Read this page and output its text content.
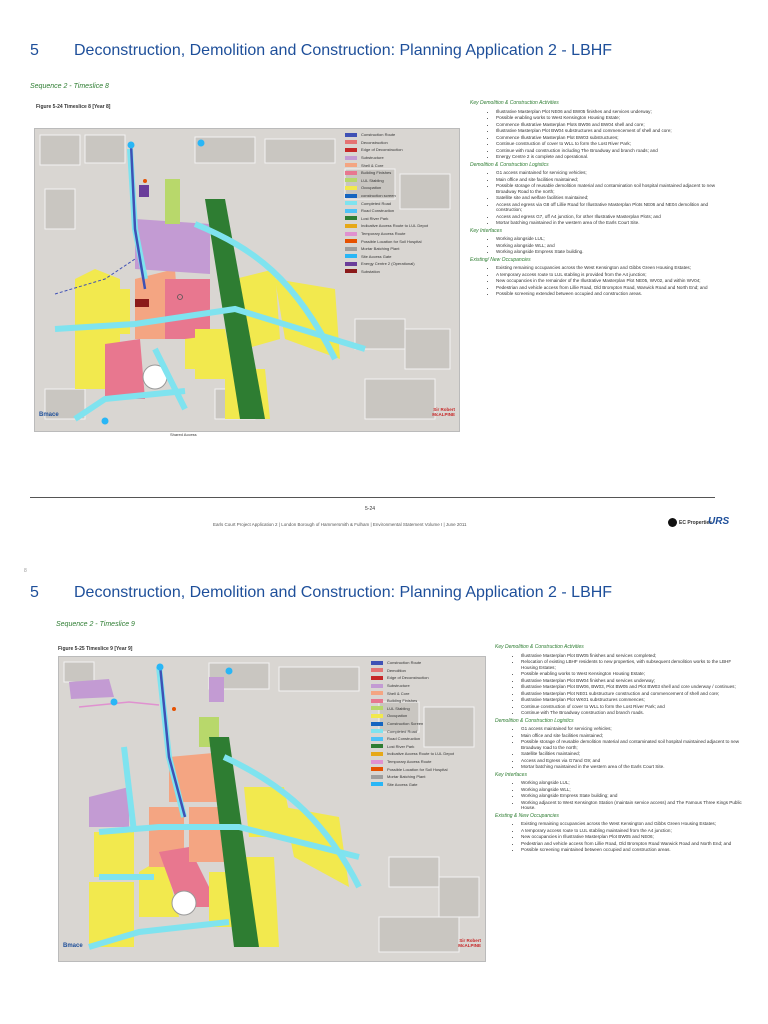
5 Deconstruction, Demolition and Construction: Planning Application 2 - LBHF
Sequence 2 - Timeslice 8
Figure 5-24 Timeslice 8 [Year 8]
Bmace
Sir Robert McALPINE
Construction Route
Deconstruction
Edge of Deconstruction
Substructure
Shell & Core
Building Finishes
LUL Stabling
Occupation
construction screen
Completed Road
Road Construction
Lost River Park
Indicative Access Route to LUL Depot
Temporary Access Route
Possible Location for Soil Hospital
Mortar Batching Plant
Site Access Gate
Energy Centre 2 (Operational)
Substation
Shared Access
Key Demolition & Construction Activities
• Illustrative Masterplan Plot NE06 and BW05 finishes and services underway;
• Possible enabling works to West Kensington Housing Estate;
• Commence Illustrative Masterplan Plots BW06 and BW04 shell and core;
• Illustrative Masterplan Plot BW04 substructures and commencement of shell and core;
• Commence Illustrative Masterplan Plot BW03 substructures;
• Continue construction of cover to WLL to form the Lost River Park;
• Continue with road construction including The Broadway and branch roads; and
• Energy Centre 2 is complete and operational.
Demolition & Construction Logistics
• G1 access maintained for servicing vehicles;
• Main office and site facilities maintained;
• Possible storage of reusable demolition material and contamination soil hospital maintained adjacent to new Broadway Road to the north;
• Satellite site and welfare facilities maintained;
• Access and egress via G8 off Lillie Road for Illustrative Masterplan Plots NE06 and NE04 demolition and construction;
• Access and egress G7, off A4 junction, for other Illustrative Masterplan Plots; and
• Mortar batching maintained in the western area of the Earls Court Site.
Key Interfaces
• Working alongside LUL;
• Working alongside WLL; and
• Working alongside Empress State building.
Existing/ New Occupancies
• Existing remaining occupancies across the West Kensington and Gibbs Green Housing Estates;
• A temporary access route to LUL stabling is provided from the A4 junction;
• New occupancies in the remainder of the Illustrative Masterplan Plot NE05, WV02, and within WV04;
• Pedestrian and vehicle access from Lillie Road, Old Brompton Road, Warwick Road and North End; and
• Possible screening extended between occupied and construction areas.
5-24
Earls Court Project Application 2 | London Borough of Hammersmith & Fulham | Environmental Statement Volume I | June 2011	EC Properties
URS
8
5 Deconstruction, Demolition and Construction: Planning Application 2 - LBHF
Sequence 2 - Timeslice 9
Figure 5-25 Timeslice 9 [Year 9]
Bmace
Sir Robert McALPINE
Construction Route
Demolition
Edge of Deconstruction
Substructure
Shell & Core
Building Finishes
LUL Stabling
Occupation
Construction Screen
Completed Road
Road Construction
Lost River Park
Indicative Access Route to LUL Depot
Temporary Access Route
Possible Location for Soil Hospital
Mortar Batching Plant
Site Access Gate
Key Demolition & Construction Activities
• Illustrative Masterplan Plot BW05 finishes and services completed;
• Relocation of existing LBHF residents to new properties, with subsequent demolition works to the LBHF Housing Estates;
• Possible enabling works to West Kensington Housing Estate;
• Illustrative Masterplan Plot BW04 finishes and services underway;
• Illustrative Masterplan Plot BW06, BW03, Plot BW05 and Plot BW03 shell and core underway / continues;
• Illustrative Masterplan Plot NE01 substructure construction and commencement of shell and core;
• Illustrative Masterplan Plot WK01 substructures commences;
• Continue construction of cover to WLL to form the Lost River Park; and
• Continue with The Broadway construction and branch roads.
Demolition & Construction Logistics
• G1 access maintained for servicing vehicles;
• Main office and site facilities maintained;
• Possible storage of reusable demolition material and contaminated soil hospital maintained adjacent to new Broadway road to the north;
• Satellite facilities maintained;
• Access and Egress via G7and G9; and
• Mortar batching maintained in the western area of the Earls Court Site.
Key Interfaces
• Working alongside LUL;
• Working alongside WLL;
• Working alongside Empress State building; and
• Working adjacent to West Kensington Station (maintain service access) and The Famous Three Kings Public House.
Existing & New Occupancies
• Existing remaining occupancies across the West Kensington and Gibbs Green Housing Estates;
• A temporary access route to LUL stabling maintained from the A4 junction;
• New occupancies in Illustrative Masterplan Plot BW05 and NE06;
• Pedestrian and vehicle access from Lillie Road, Old Brompton Road Warwick Road and North End; and
• Possible screening maintained between occupied and construction areas.
